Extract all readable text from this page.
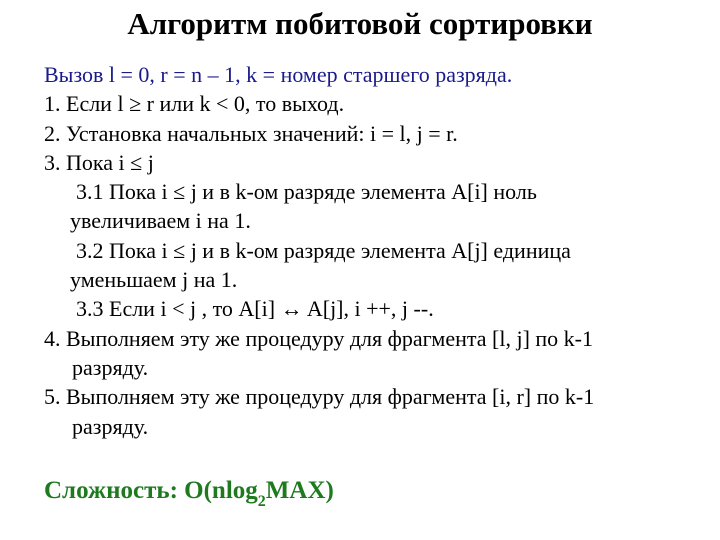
Алгоритм побитовой сортировки
Вызов l = 0, r = n – 1, k = номер старшего разряда.
1. Если l ≥ r или k < 0, то выход.
2. Установка начальных значений: i = l, j = r.
3. Пока i ≤ j
3.1 Пока i ≤ j и в k-ом разряде элемента A[i] ноль
увеличиваем i на 1.
3.2 Пока i ≤ j и в k-ом разряде элемента A[j] единица
уменьшаем j на 1.
3.3 Если i < j , то A[i] ↔ A[j], i ++, j --.
4. Выполняем эту же процедуру для фрагмента [l, j] по k-1
разряду.
5. Выполняем эту же процедуру для фрагмента [i, r] по k-1
разряду.
Сложность: O(nlog$_2$MAX)
